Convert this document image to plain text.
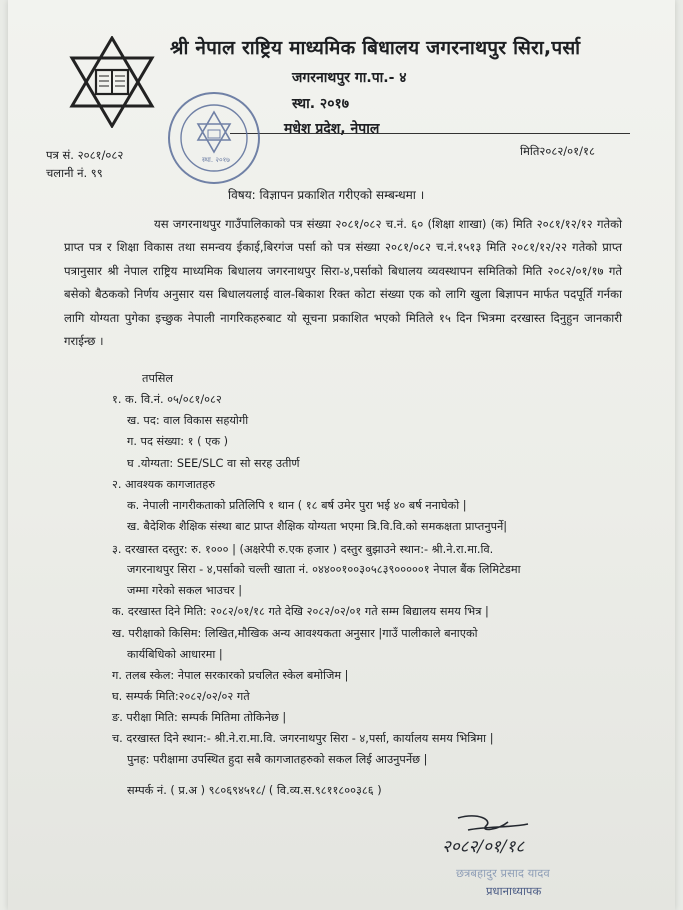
श्री नेपाल राष्ट्रिय माध्यमिक बिधालय जगरनाथपुर सिरा,पर्सा
जगरनाथपुर गा.पा.- ४
स्था. २०१७
मधेश प्रदेश, नेपाल
स्था. २०१७
पत्र सं. २०८१/०८२
चलानी नं. ९९
मिति२०८२/०१/१८
विषय: विज्ञापन प्रकाशित गरीएको सम्बन्धमा ।

यस जगरनाथपुर गाउँपालिकाको पत्र संख्या २०८१/०८२ च.नं. ६० (शिक्षा शाखा) (क) मिति २०८१/१२/१२ गतेको प्राप्त पत्र र शिक्षा विकास तथा समन्वय ईकाई,बिरगंज पर्सा को पत्र संख्या २०८१/०८२ च.नं.१५१३ मिति २०८१/१२/२२ गतेको प्राप्त पत्रानुसार श्री नेपाल राष्ट्रिय माध्यमिक बिधालय जगरनाथपुर सिरा-४,पर्साको बिधालय व्यवस्थापन समितिको मिति २०८२/०१/१७ गते बसेको बैठकको निर्णय अनुसार यस बिधालयलाई वाल-बिकाश रिक्त कोटा संख्या एक को लागि खुला बिज्ञापन मार्फत पदपूर्ति गर्नका लागि योग्यता पुगेका इच्छुक नेपाली नागरिकहरुबाट यो सूचना प्रकाशित भएको मितिले १५ दिन भित्रमा दरखास्त दिनुहुन जानकारी गराईन्छ ।

तपसिल
१. क. वि.नं. ०५/०८१/०८२
ख. पद: वाल विकास सहयोगी
ग. पद संख्या: १ ( एक )
घ .योग्यता: SEE/SLC वा सो सरह उतीर्ण
२. आवश्यक कागजातहरु
क. नेपाली नागरीकताको प्रतिलिपि १ थान ( १८ बर्ष उमेर पुरा भई ४० बर्ष ननाघेको |
ख. बैदेशिक शैक्षिक संस्था बाट प्राप्त शैक्षिक योग्यता भएमा त्रि.वि.वि.को समकक्षता प्राप्तनुपर्ने|
३. दरखास्त दस्तुर: रु. १००० | (अक्षरेपी रु.एक हजार ) दस्तुर बुझाउने स्थान:- श्री.ने.रा.मा.वि.
जगरनाथपुर सिरा - ४,पर्साको चल्ती खाता नं. ०४४००१००३०५८३९०००००१ नेपाल बैंक लिमिटेडमा
जम्मा गरेको सकल भाउचर |
क. दरखास्त दिने मिति: २०८२/०१/१८ गते देखि २०८२/०२/०१ गते सम्म बिद्यालय समय भित्र |
ख. परीक्षाको किसिम: लिखित,मौखिक अन्य आवश्यकता अनुसार |गाउँ पालीकाले बनाएको
कार्यबिधिको आधारमा |
ग. तलब स्केल: नेपाल सरकारको प्रचलित स्केल बमोजिम |
घ. सम्पर्क मिति:२०८२/०२/०२ गते
ङ. परीक्षा मिति: सम्पर्क मितिमा तोकिनेछ |
च. दरखास्त दिने स्थान:- श्री.ने.रा.मा.वि. जगरनाथपुर सिरा - ४,पर्सा, कार्यालय समय भित्रिमा |
पुनह: परीक्षामा उपस्थित हुदा सबै कागजातहरुको सकल लिई आउनुपर्नेछ |
सम्पर्क नं. ( प्र.अ ) ९८०६९४५१८/ ( वि.व्य.स.९८११८००३८६ )
२०८२/०१/१८
छत्रबहादुर प्रसाद यादव
प्रधानाध्यापक
